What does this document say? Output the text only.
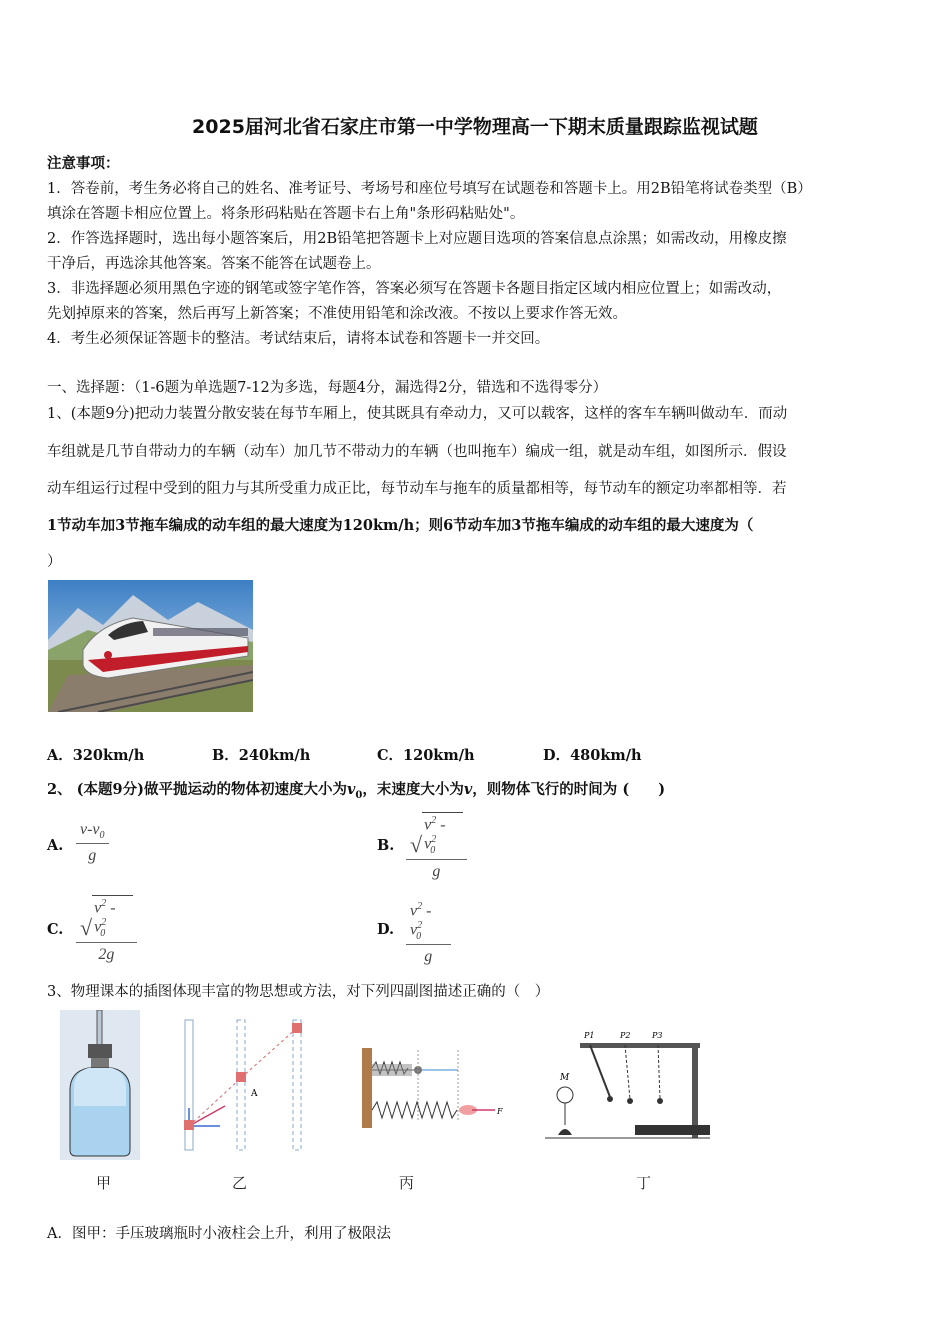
2025届河北省石家庄市第一中学物理高一下期末质量跟踪监视试题
注意事项：
1．答卷前，考生务必将自己的姓名、准考证号、考场号和座位号填写在试题卷和答题卡上。用2B铅笔将试卷类型（B）
填涂在答题卡相应位置上。将条形码粘贴在答题卡右上角"条形码粘贴处"。
2．作答选择题时，选出每小题答案后，用2B铅笔把答题卡上对应题目选项的答案信息点涂黑；如需改动，用橡皮擦
干净后，再选涂其他答案。答案不能答在试题卷上。
3．非选择题必须用黑色字迹的钢笔或签字笔作答，答案必须写在答题卡各题目指定区域内相应位置上；如需改动，
先划掉原来的答案，然后再写上新答案；不准使用铅笔和涂改液。不按以上要求作答无效。
4．考生必须保证答题卡的整洁。考试结束后，请将本试卷和答题卡一并交回。
一、选择题：（1-6题为单选题7-12为多选，每题4分，漏选得2分，错选和不选得零分）
1、(本题9分)把动力装置分散安装在每节车厢上，使其既具有牵动力，又可以载客，这样的客车车辆叫做动车．而动
车组就是几节自带动力的车辆（动车）加几节不带动力的车辆（也叫拖车）编成一组，就是动车组，如图所示．假设
动车组运行过程中受到的阻力与其所受重力成正比，每节动车与拖车的质量都相等，每节动车的额定功率都相等．若
1节动车加3节拖车编成的动车组的最大速度为120km/h；则6节动车加3节拖车编成的动车组的最大速度为（
）
A．320km/h	B．240km/h	C．120km/h	D．480km/h
2、 (本题9分)做平抛运动的物体初速度大小为$v_0$，末速度大小为v，则物体飞行的时间为 (　　)
A. $\frac{v-v_0}{g}$	B. √
$v^2 - v^2_0$
g
C. √
$v^2 - v^2_0$
2g	D. $\frac{v^2 - v^2_0}{g}$
3、物理课本的插图体现丰富的物思想或方法，对下列四副图描述正确的（　）
A
F
M
P1	P2	P3
甲	乙	丙	丁
A．图甲：手压玻璃瓶时小液柱会上升，利用了极限法
